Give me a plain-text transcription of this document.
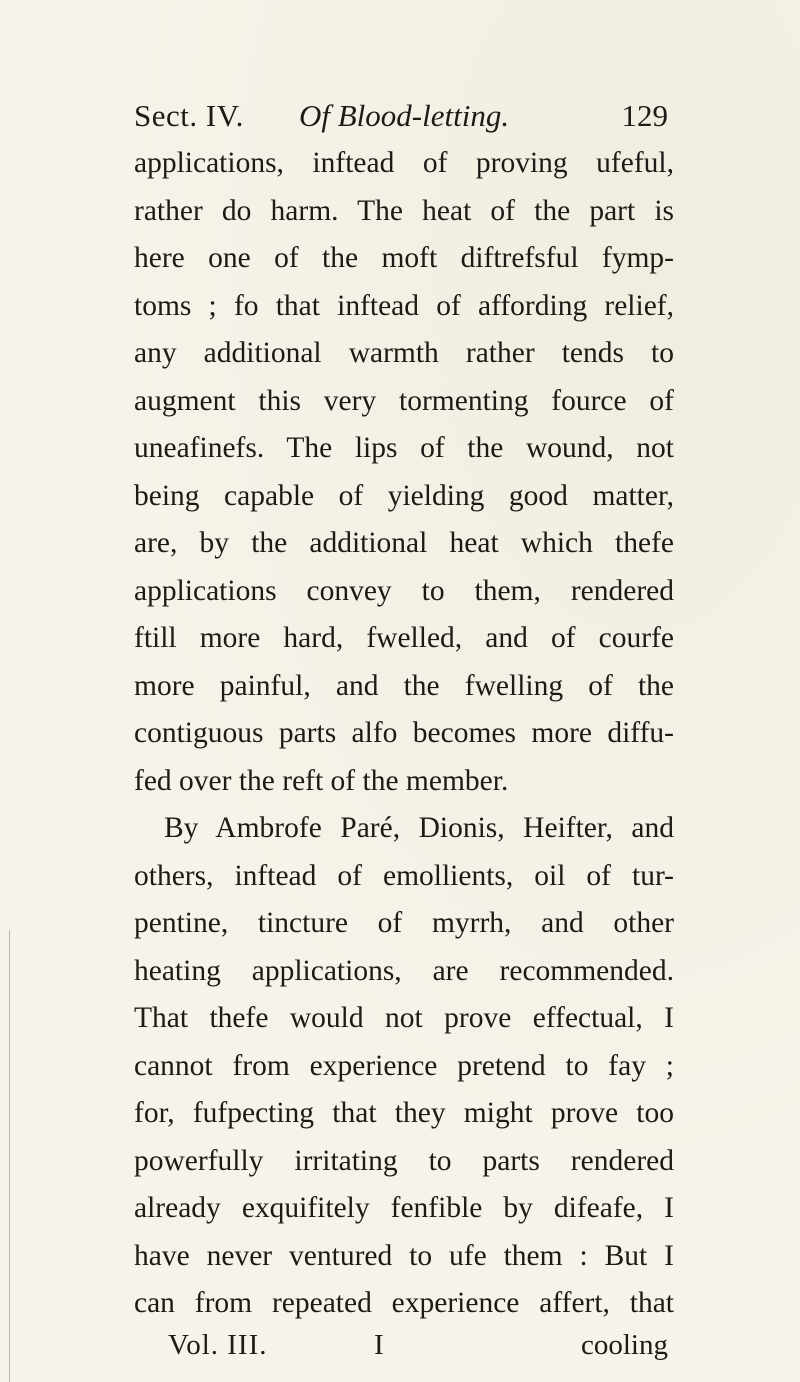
Sect. IV. Of Blood-letting.	129
applications, inftead of proving ufeful,
rather do harm. The heat of the part is
here one of the moft diftrefsful fymp-
toms ; fo that inftead of affording relief,
any additional warmth rather tends to
augment this very tormenting fource of
uneafinefs. The lips of the wound, not
being capable of yielding good matter,
are, by the additional heat which thefe
applications convey to them, rendered
ftill more hard, fwelled, and of courfe
more painful, and the fwelling of the
contiguous parts alfo becomes more diffu-
fed over the reft of the member.
By Ambrofe Paré, Dionis, Heifter, and
others, inftead of emollients, oil of tur-
pentine, tincture of myrrh, and other
heating applications, are recommended.
That thefe would not prove effectual, I
cannot from experience pretend to fay ;
for, fufpecting that they might prove too
powerfully irritating to parts rendered
already exquifitely fenfible by difeafe, I
have never ventured to ufe them : But I
can from repeated experience affert, that
Vol. III.	I	cooling
